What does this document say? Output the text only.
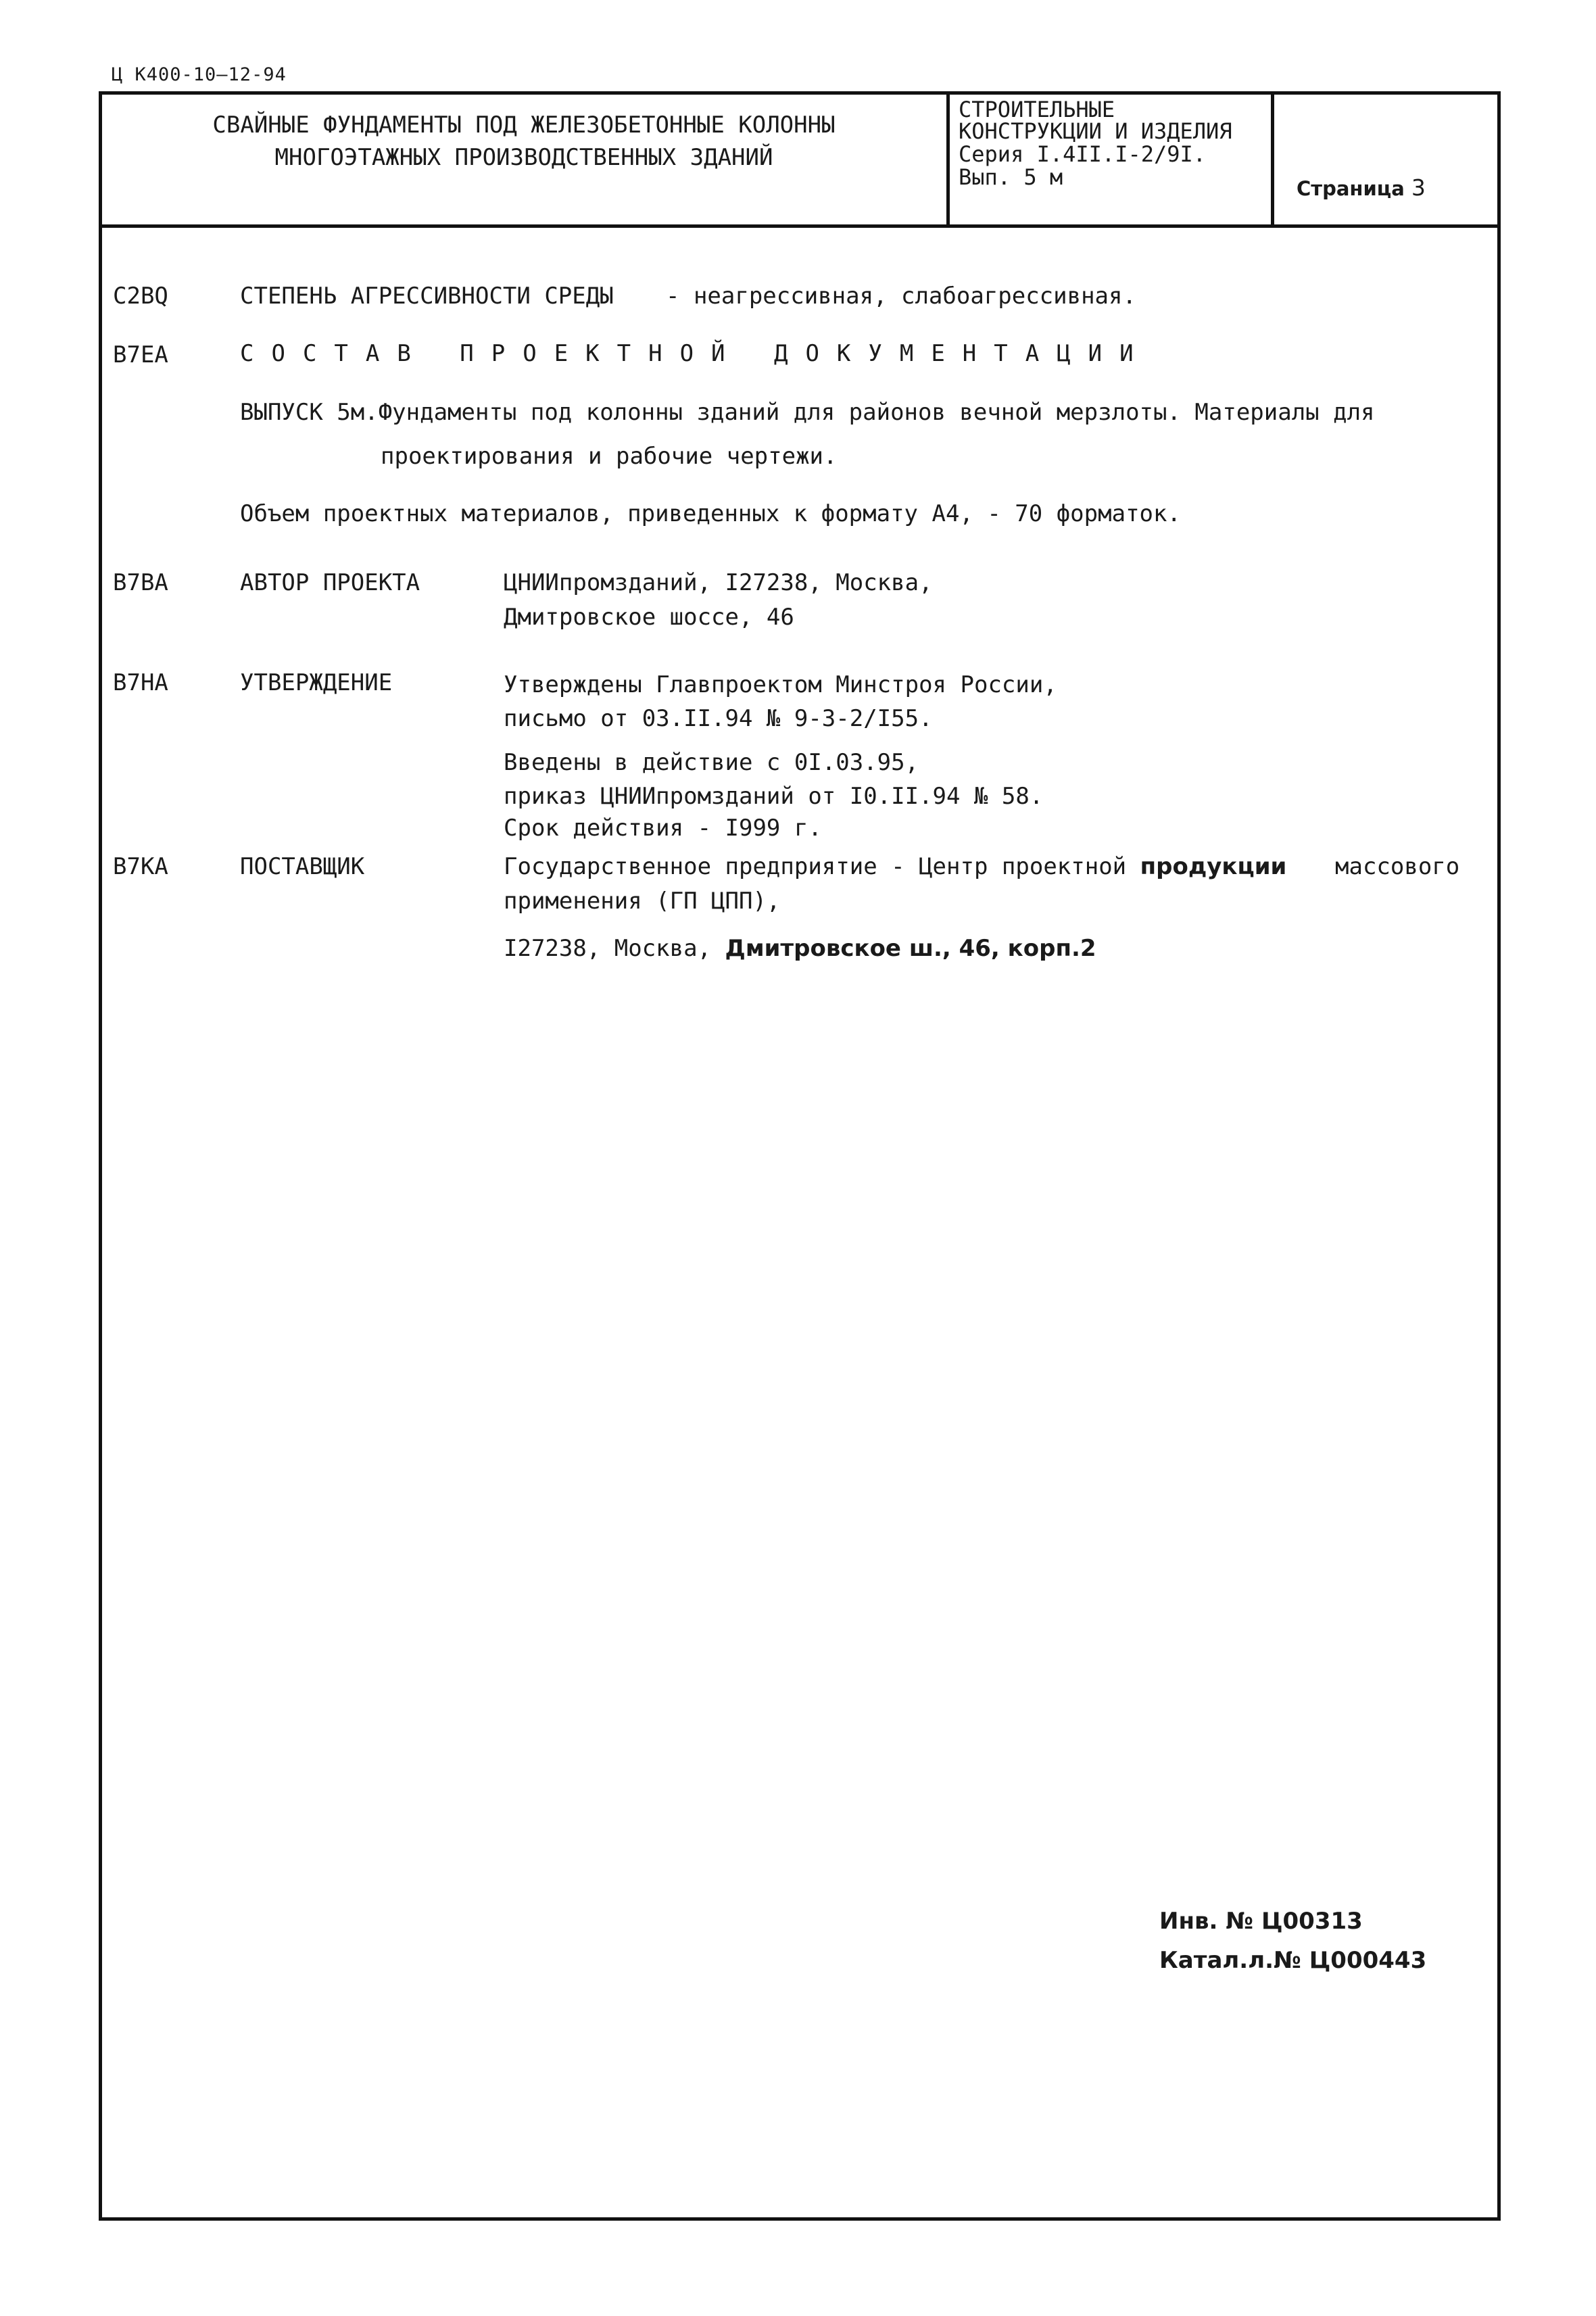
Ц К400-10—12-94
СВАЙНЫЕ ФУНДАМЕНТЫ ПОД ЖЕЛЕЗОБЕТОННЫЕ КОЛОННЫ
МНОГОЭТАЖНЫХ ПРОИЗВОДСТВЕННЫХ ЗДАНИЙ
СТРОИТЕЛЬНЫЕ
КОНСТРУКЦИИ И ИЗДЕЛИЯ
Серия I.4II.I-2/9I.
Вып. 5 м	Страница 3
С2BQ	СТЕПЕНЬ АГРЕССИВНОСТИ СРЕДЫ - неагрессивная, слабоагрессивная.
B7EA	СОСТАВ ПРОЕКТНОЙ ДОКУМЕНТАЦИИ
ВЫПУСК 5м.Фундаменты под колонны зданий для районов вечной мерзлоты. Материалы для
проектирования и рабочие чертежи.
Объем проектных материалов, приведенных к формату А4, - 70 форматок.
B7BA	АВТОР ПРОЕКТА	ЦНИИпромзданий, I27238, Москва,
Дмитровское шоссе, 46
B7HA	УТВЕРЖДЕНИЕ	Утверждены Главпроектом Минстроя России,
письмо от 03.II.94 № 9-3-2/I55.
Введены в действие с 0I.03.95,
приказ ЦНИИпромзданий от I0.II.94 № 58.
Срок действия - I999 г.
B7KA	ПОСТАВЩИК	Государственное предприятие - Центр проектной продукции массового
применения (ГП ЦПП),
I27238, Москва, Дмитровское ш., 46, корп.2
Инв. № Ц00313
Катал.л.№ Ц000443
